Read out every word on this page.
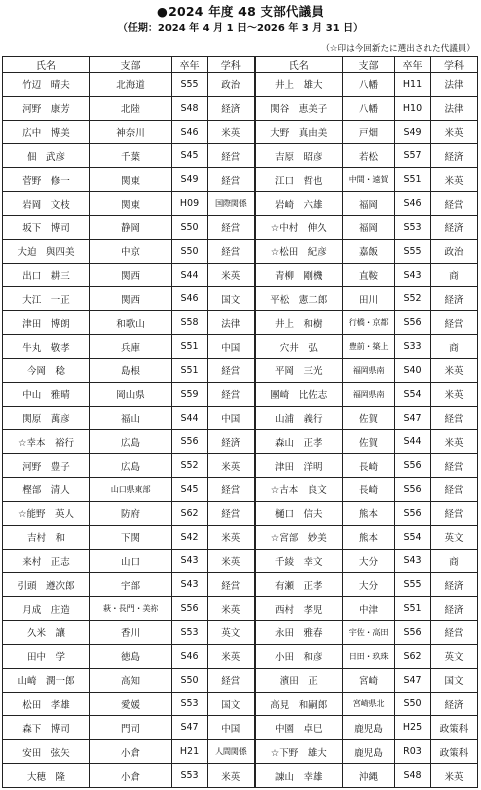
●2024 年度 48 支部代議員
（任期：2024 年 4 月 1 日～2026 年 3 月 31 日）
（☆印は今回新たに選出された代議員）
氏名	支部	卒年	学科	氏名	支部	卒年	学科
竹辺　晴夫	北海道	S55	政治	井上　雄大	八幡	H11	法律
河野　康芳	北陸	S48	経済	関谷　恵美子	八幡	H10	法律
広中　博美	神奈川	S46	米英	大野　真由美	戸畑	S49	米英
佃　武彦	千葉	S45	経営	吉原　昭彦	若松	S57	経済
菅野　修一	関東	S49	経営	江口　哲也	中間・遠賀	S51	米英
岩岡　文枝	関東	H09	国際関係	岩崎　六雄	福岡	S46	経営
坂下　博司	静岡	S50	経営	☆中村　伸久	福岡	S53	経済
大迫　與四美	中京	S50	経営	☆松田　紀彦	嘉飯	S55	政治
出口　耕三	関西	S44	米英	青柳　剛機	直鞍	S43	商
大江　一正	関西	S46	国文	平松　憲二郎	田川	S52	経済
津田　博朗	和歌山	S58	法律	井上　和樹	行橋・京都	S56	経営
牛丸　敬孝	兵庫	S51	中国	穴井　弘	豊前・築上	S33	商
今岡　稔	島根	S51	経営	平岡　三光	福岡県南	S40	米英
中山　雅晴	岡山県	S59	経営	團崎　比佐志	福岡県南	S54	米英
関原　萬彦	福山	S44	中国	山浦　義行	佐賀	S47	経営
☆幸本　裕行	広島	S56	経済	森山　正孝	佐賀	S44	米英
河野　豊子	広島	S52	米英	津田　洋明	長崎	S56	経営
樫部　清人	山口県東部	S45	経営	☆古本　良文	長崎	S56	経営
☆能野　英人	防府	S62	経営	樋口　信夫	熊本	S56	経営
吉村　和	下関	S42	米英	☆宮部　妙美	熊本	S54	英文
来村　正志	山口	S43	米英	千綾　幸文	大分	S43	商
引頭　遵次郎	宇部	S43	経営	有瀬　正孝	大分	S55	経済
月成　庄造	萩・長門・美祢	S56	米英	西村　孝児	中津	S51	経済
久米　讓	香川	S53	英文	永田　雅春	宇佐・高田	S56	経営
田中　学	徳島	S46	米英	小田　和彦	日田・玖珠	S62	英文
山崎　潤一郎	高知	S50	経営	濱田　正	宮崎	S47	国文
松田　孝雄	愛媛	S53	国文	高見　和嗣郎	宮崎県北	S50	経済
森下　博司	門司	S47	中国	中園　卓巳	鹿児島	H25	政策科
安田　弦矢	小倉	H21	人間関係	☆下野　雄大	鹿児島	R03	政策科
大穂　隆	小倉	S53	米英	諌山　幸雄	沖縄	S48	米英
